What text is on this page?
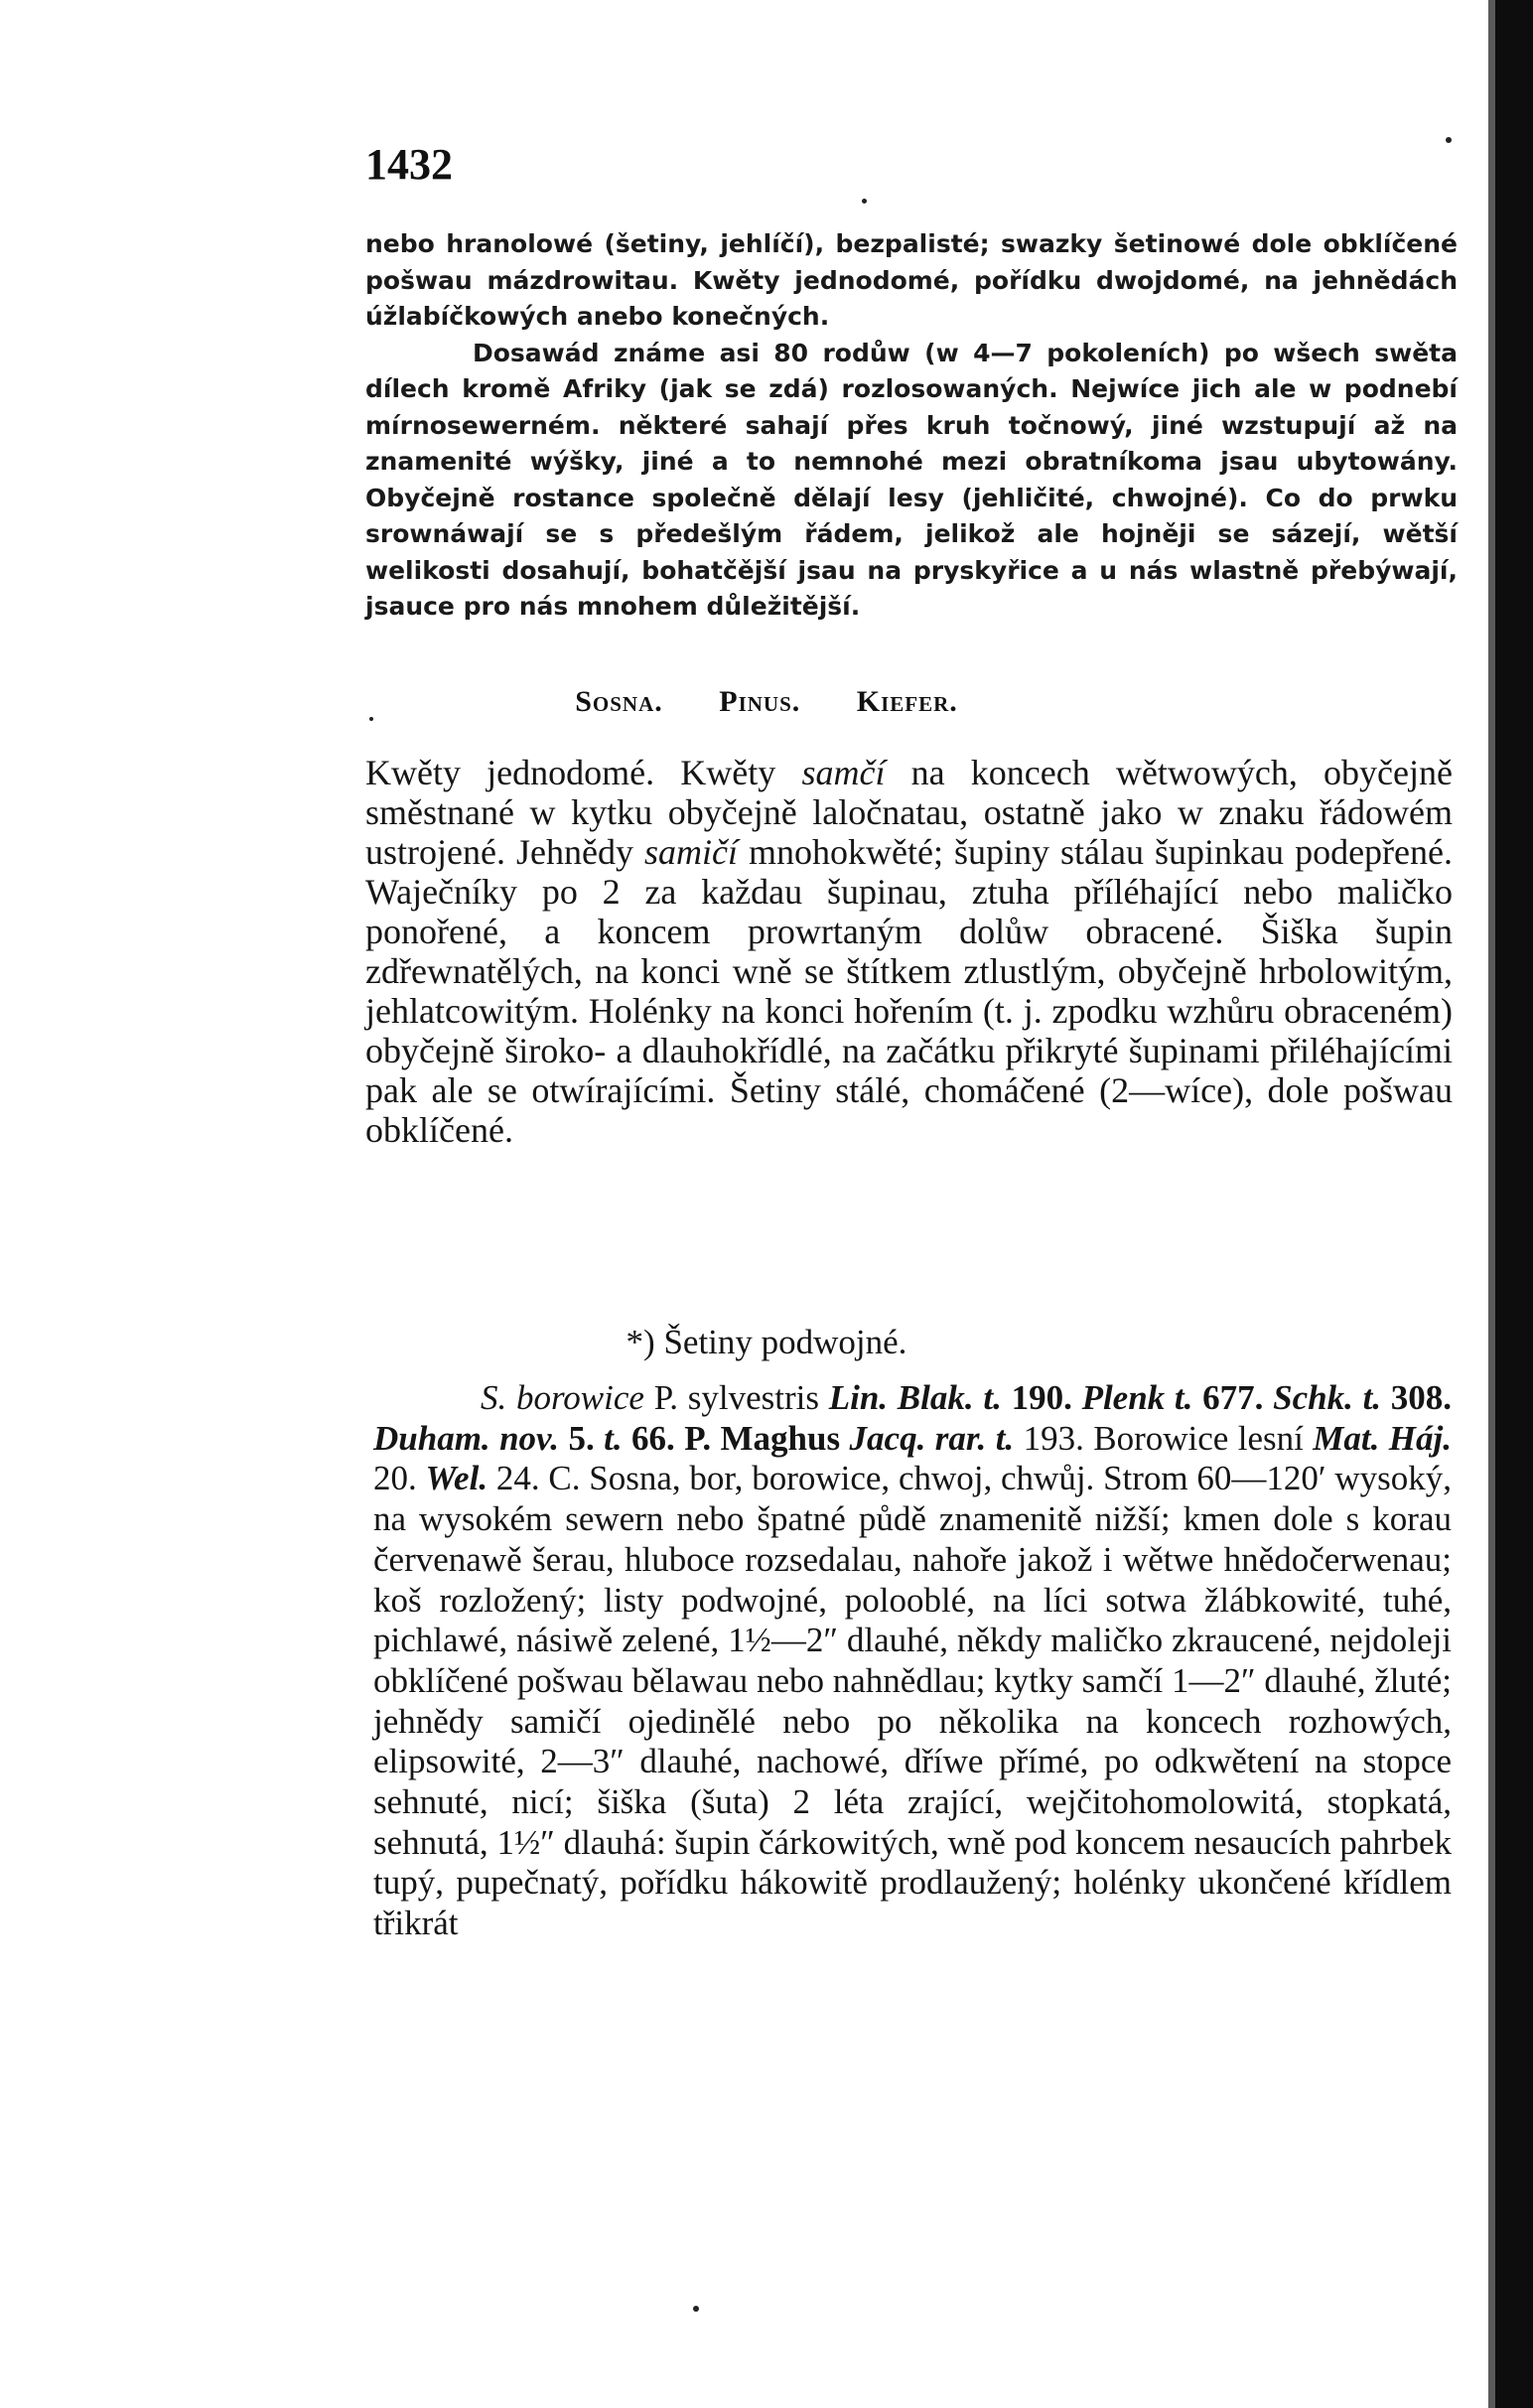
1432

nebo hranolowé (šetiny, jehlíčí), bezpalisté; swazky šetinowé dole obklíčené pošwau mázdrowitau. Kwěty jednodomé, pořídku dwojdomé, na jehnědách úžlabíčkowých anebo konečných.

Dosawád známe asi 80 rodůw (w 4—7 pokoleních) po wšech swěta dílech kromě Afriky (jak se zdá) rozlosowaných. Nejwíce jich ale w podnebí mírnosewerném. některé sahají přes kruh točnowý, jiné wzstupují až na znamenité wýšky, jiné a to nemnohé mezi obratníkoma jsau ubytowány. Obyčejně rostance společně dělají lesy (jehličité, chwojné). Co do prwku srownáwají se s předešlým řádem, jelikož ale hojněji se sázejí, wětší welikosti dosahují, bohatčější jsau na pryskyřice a u nás wlastně přebýwají, jsauce pro nás mnohem důležitější.

Sosna. Pinus. Kiefer.

Kwěty jednodomé. Kwěty samčí na koncech wětwowých, obyčejně směstnané w kytku obyčejně laločnatau, ostatně jako w znaku řádowém ustrojené. Jehnědy samičí mnohokwěté; šupiny stálau šupinkau podepřené. Waječníky po 2 za každau šupinau, ztuha příléhající nebo maličko ponořené, a koncem prowrtaným dolůw obracené. Šiška šupin zdřewnatělých, na konci wně se štítkem ztlustlým, obyčejně hrbolowitým, jehlatcowitým. Holénky na konci hořením (t. j. zpodku wzhůru obraceném) obyčejně široko- a dlauhokřídlé, na začátku přikryté šupinami přiléhajícími pak ale se otwírajícími. Šetiny stálé, chomáčené (2—wíce), dole pošwau obklíčené.

*) Šetiny podwojné.

S. borowice P. sylvestris Lin. Blak. t. 190. Plenk t. 677. Schk. t. 308. Duham. nov. 5. t. 66. P. Maghus Jacq. rar. t. 193. Borowice lesní Mat. Háj. 20. Wel. 24. C. Sosna, bor, borowice, chwoj, chwůj. Strom 60—120′ wysoký, na wysokém sewern nebo špatné půdě znamenitě nižší; kmen dole s korau červenawě šerau, hluboce rozsedalau, nahoře jakož i wětwe hnědočerwenau; koš rozložený; listy podwojné, polooblé, na líci sotwa žlábkowité, tuhé, pichlawé, násiwě zelené, 1½—2″ dlauhé, někdy maličko zkraucené, nejdoleji obklíčené pošwau bělawau nebo nahnědlau; kytky samčí 1—2″ dlauhé, žluté; jehnědy samičí ojedinělé nebo po několika na koncech rozhowých, elipsowité, 2—3″ dlauhé, nachowé, dříwe přímé, po odkwětení na stopce sehnuté, nicí; šiška (šuta) 2 léta zrající, wejčitohomolowitá, stopkatá, sehnutá, 1½″ dlauhá: šupin čárkowitých, wně pod koncem nesaucích pahrbek tupý, pupečnatý, pořídku hákowitě prodlaužený; holénky ukončené křídlem třikrát
